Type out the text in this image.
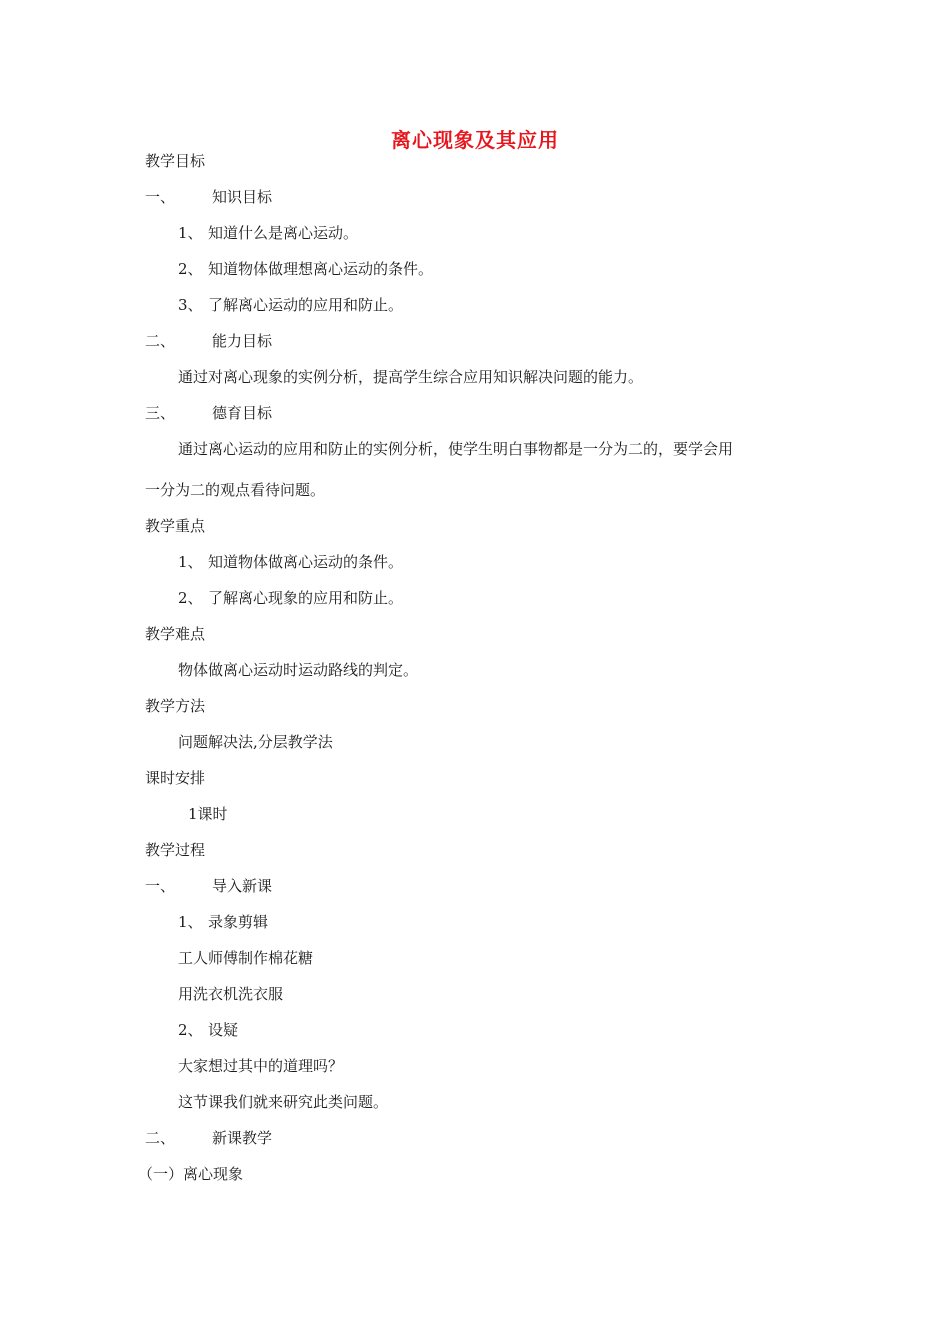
离心现象及其应用
教学目标
一、 知识目标
1、 知道什么是离心运动。
2、 知道物体做理想离心运动的条件。
3、 了解离心运动的应用和防止。
二、 能力目标
通过对离心现象的实例分析，提高学生综合应用知识解决问题的能力。
三、 德育目标
通过离心运动的应用和防止的实例分析，使学生明白事物都是一分为二的，要学会用
一分为二的观点看待问题。
教学重点
1、 知道物体做离心运动的条件。
2、 了解离心现象的应用和防止。
教学难点
物体做离心运动时运动路线的判定。
教学方法
问题解决法,分层教学法
课时安排
1课时
教学过程
一、 导入新课
1、 录象剪辑
工人师傅制作棉花糖
用洗衣机洗衣服
2、 设疑
大家想过其中的道理吗？
这节课我们就来研究此类问题。
二、 新课教学
（一）离心现象
